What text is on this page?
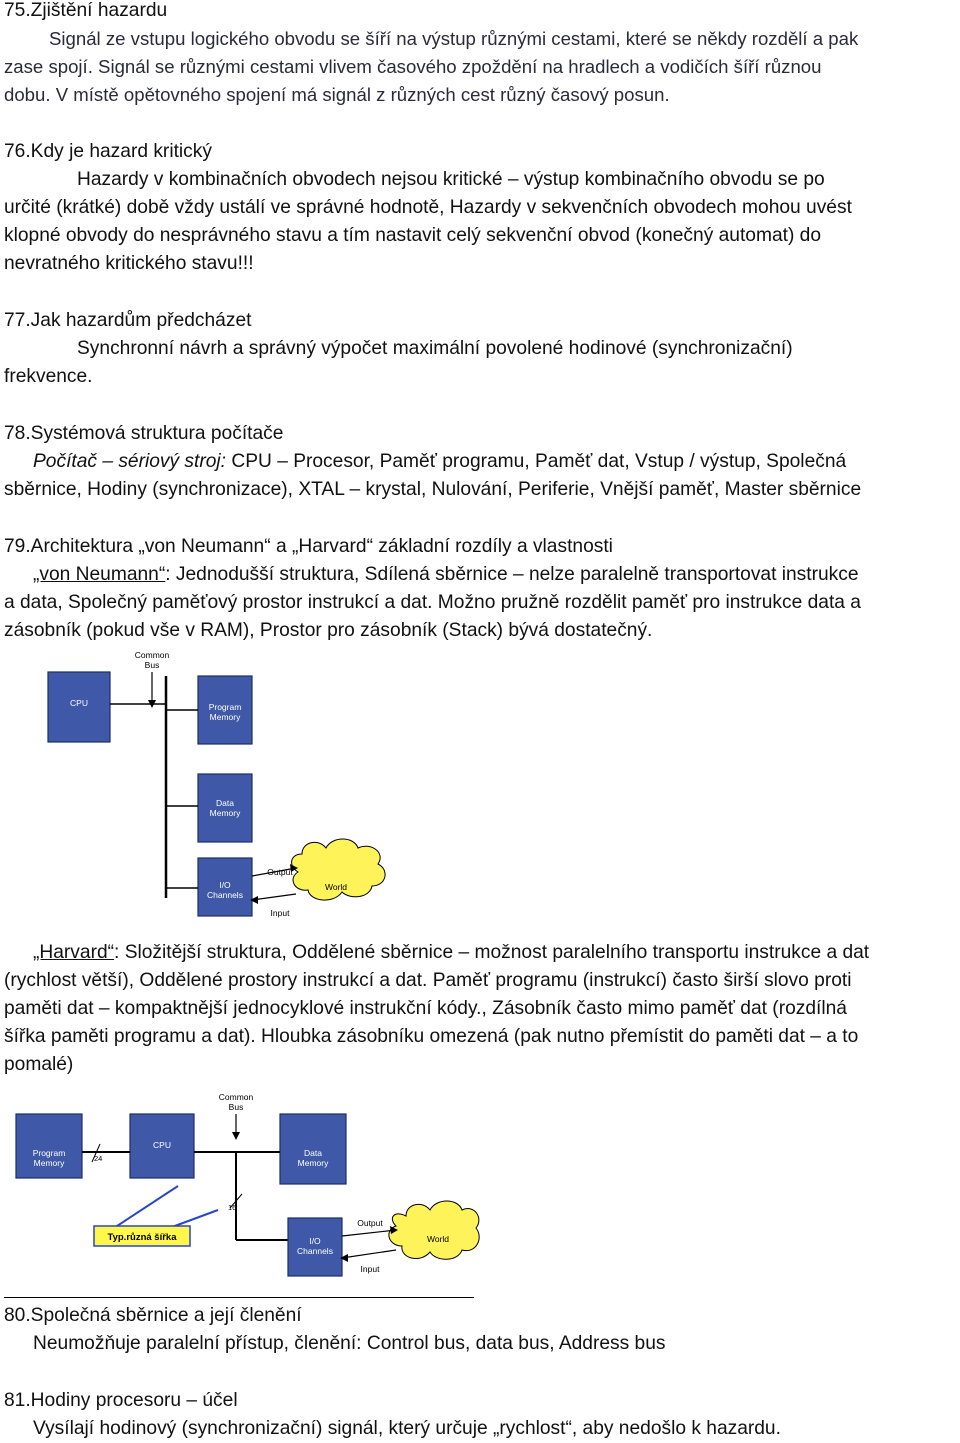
75.Zjištění hazardu
Signál ze vstupu logického obvodu se šíří na výstup různými cestami, které se někdy rozdělí a pak
zase spojí. Signál se různými cestami vlivem časového zpoždění na hradlech a vodičích šíří různou
dobu. V místě opětovného spojení má signál z různých cest různý časový posun.
76.Kdy je hazard kritický
Hazardy v kombinačních obvodech nejsou kritické – výstup kombinačního obvodu se po
určité (krátké) době vždy ustálí ve správné hodnotě, Hazardy v sekvenčních obvodech mohou uvést
klopné obvody do nesprávného stavu a tím nastavit celý sekvenční obvod (konečný automat) do
nevratného kritického stavu!!!
77.Jak hazardům předcházet
Synchronní návrh a správný výpočet maximální povolené hodinové (synchronizační)
frekvence.
78.Systémová struktura počítače
Počítač – sériový stroj: CPU – Procesor, Paměť programu, Paměť dat, Vstup / výstup, Společná
sběrnice, Hodiny (synchronizace), XTAL – krystal, Nulování, Periferie, Vnější paměť, Master sběrnice
79.Architektura „von Neumann“ a „Harvard“ základní rozdíly a vlastnosti
„von Neumann“: Jednodušší struktura, Sdílená sběrnice – nelze paralelně transportovat instrukce
a data, Společný paměťový prostor instrukcí a dat. Možno pružně rozdělit paměť pro instrukce data a
zásobník (pokud vše v RAM), Prostor pro zásobník (Stack) bývá dostatečný.
Common
Bus
CPU	Program
Memory
Data
Memory
I/O
Channels
World
Output
Input
„Harvard“: Složitější struktura, Oddělené sběrnice – možnost paralelního transportu instrukce a dat
(rychlost větší), Oddělené prostory instrukcí a dat. Paměť programu (instrukcí) často širší slovo proti
paměti dat – kompaktnější jednocyklové instrukční kódy., Zásobník často mimo paměť dat (rozdílná
šířka paměti programu a dat). Hloubka zásobníku omezená (pak nutno přemístit do paměti dat – a to
pomalé)
Common
Bus
Program
Memory
CPU
Data
Memory
24
16
I/O
Channels
World
Output
Input
Typ.různá šířka
80.Společná sběrnice a její členění
Neumožňuje paralelní přístup, členění: Control bus, data bus, Address bus
81.Hodiny procesoru – účel
Vysílají hodinový (synchronizační) signál, který určuje „rychlost“, aby nedošlo k hazardu.
